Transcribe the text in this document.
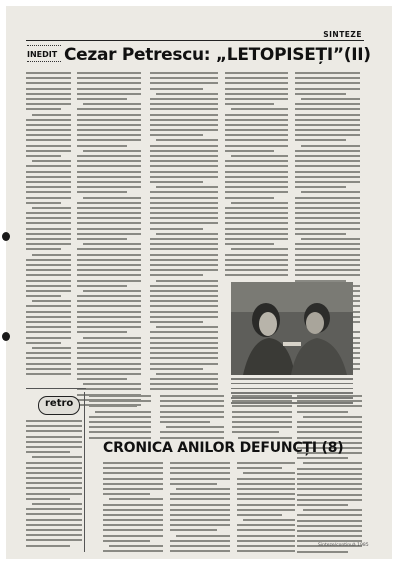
SINTEZE
INEDIT Cezar Petrescu: „LETOPISEȚI”(II)
retro
CRONICA ANILOR DEFUNCȚI (8)
Sinteze/continuă 1985
